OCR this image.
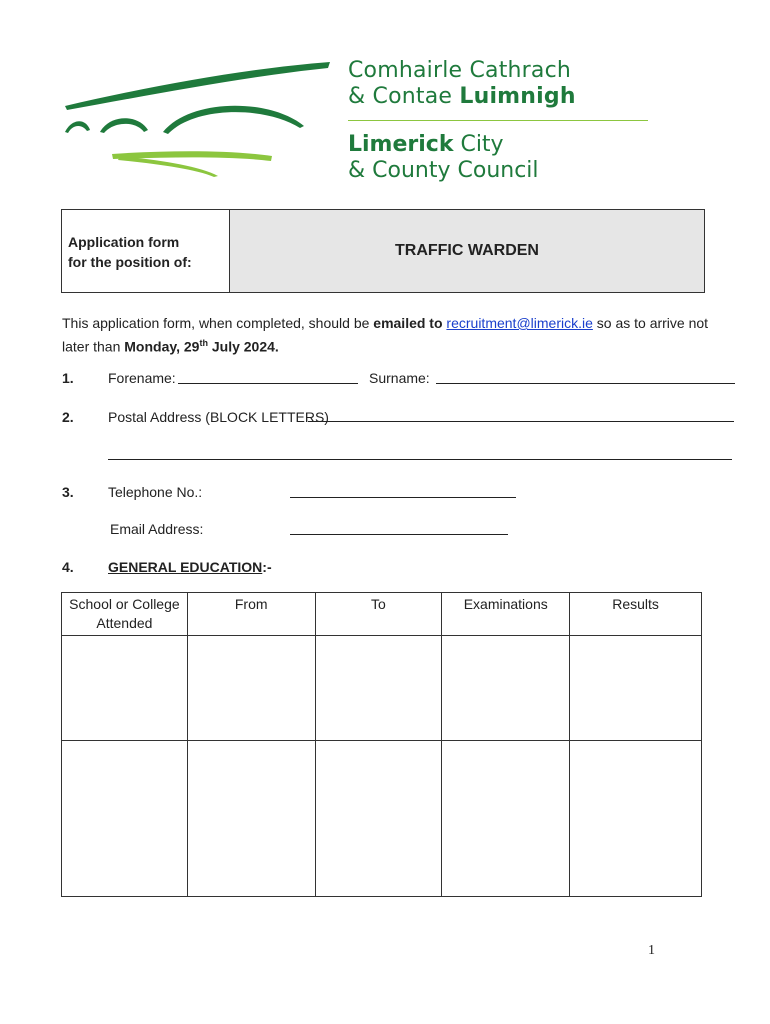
Comhairle Cathrach
& Contae Luimnigh
Limerick City
& County Council
Application form
for the position of:
TRAFFIC WARDEN
This application form, when completed, should be emailed to recruitment@limerick.ie so as to arrive not later than Monday, 29th July 2024.
1. Forename:	Surname:
2. Postal Address (BLOCK LETTERS)
3. Telephone No.:
Email Address:
4. GENERAL EDUCATION:-
School or College Attended	From	To	Examinations	Results

1
